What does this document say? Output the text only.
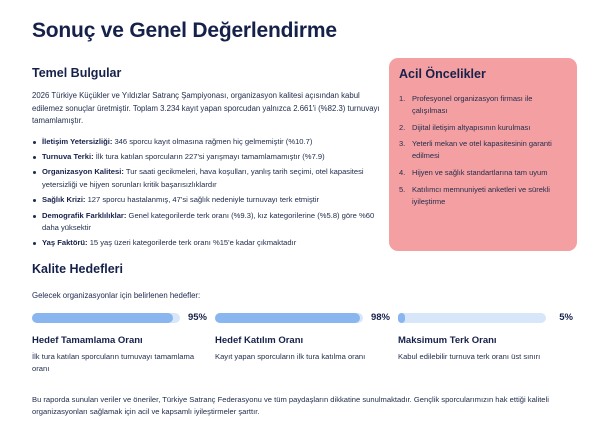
Sonuç ve Genel Değerlendirme
Temel Bulgular

2026 Türkiye Küçükler ve Yıldızlar Satranç Şampiyonası, organizasyon kalitesi açısından kabul edilemez sonuçlar üretmiştir. Toplam 3.234 kayıt yapan sporcudan yalnızca 2.661'i (%82.3) turnuvayı tamamlamıştır.

İletişim Yetersizliği: 346 sporcu kayıt olmasına rağmen hiç gelmemiştir (%10.7)
Turnuva Terki: İlk tura katılan sporcuların 227'si yarışmayı tamamlamamıştır (%7.9)
Organizasyon Kalitesi: Tur saati gecikmeleri, hava koşulları, yanlış tarih seçimi, otel kapasitesi yetersizliği ve hijyen sorunları kritik başarısızlıklardır
Sağlık Krizi: 127 sporcu hastalanmış, 47'si sağlık nedeniyle turnuvayı terk etmiştir
Demografik Farklılıklar: Genel kategorilerde terk oranı (%9.3), kız kategorilerine (%5.8) göre %60 daha yüksektir
Yaş Faktörü: 15 yaş üzeri kategorilerde terk oranı %15'e kadar çıkmaktadır
Acil Öncelikler
1. Profesyonel organizasyon firması ile çalışılması
2. Dijital iletişim altyapısının kurulması
3. Yeterli mekan ve otel kapasitesinin garanti edilmesi
4. Hijyen ve sağlık standartlarına tam uyum
5. Katılımcı memnuniyeti anketleri ve sürekli iyileştirme
Kalite Hedefleri
Gelecek organizasyonlar için belirlenen hedefler:
95%
Hedef Tamamlama Oranı
İlk tura katılan sporcuların turnuvayı tamamlama oranı
98%
Hedef Katılım Oranı
Kayıt yapan sporcuların ilk tura katılma oranı
5%
Maksimum Terk Oranı
Kabul edilebilir turnuva terk oranı üst sınırı

Bu raporda sunulan veriler ve öneriler, Türkiye Satranç Federasyonu ve tüm paydaşların dikkatine sunulmaktadır. Gençlik sporcularımızın hak ettiği kaliteli organizasyonları sağlamak için acil ve kapsamlı iyileştirmeler şarttır.
